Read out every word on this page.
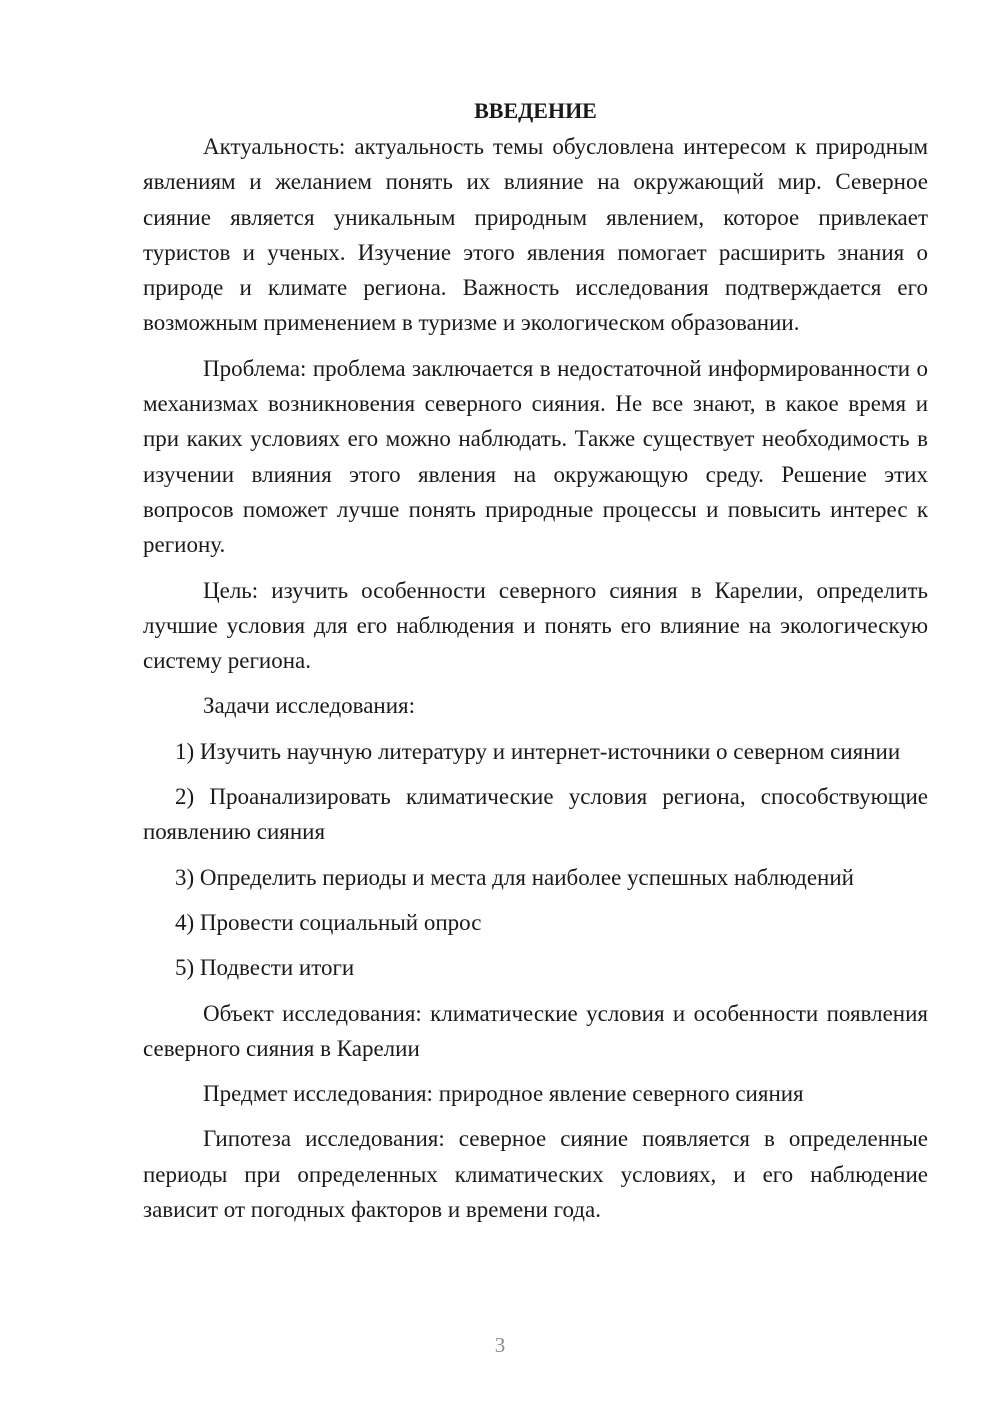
ВВЕДЕНИЕ

Актуальность: актуальность темы обусловлена интересом к природным явлениям и желанием понять их влияние на окружающий мир. Северное сияние является уникальным природным явлением, которое привлекает туристов и ученых. Изучение этого явления помогает расширить знания о природе и климате региона. Важность исследования подтверждается его возможным применением в туризме и экологическом образовании.

Проблема: проблема заключается в недостаточной информированности о механизмах возникновения северного сияния. Не все знают, в какое время и при каких условиях его можно наблюдать. Также существует необходимость в изучении влияния этого явления на окружающую среду. Решение этих вопросов поможет лучше понять природные процессы и повысить интерес к региону.

Цель: изучить особенности северного сияния в Карелии, определить лучшие условия для его наблюдения и понять его влияние на экологическую систему региона.

Задачи исследования:

1) Изучить научную литературу и интернет-источники о северном сиянии

2) Проанализировать климатические условия региона, способствующие появлению сияния

3) Определить периоды и места для наиболее успешных наблюдений

4) Провести социальный опрос

5) Подвести итоги

Объект исследования: климатические условия и особенности появления северного сияния в Карелии

Предмет исследования: природное явление северного сияния

Гипотеза исследования: северное сияние появляется в определенные периоды при определенных климатических условиях, и его наблюдение зависит от погодных факторов и времени года.

3
